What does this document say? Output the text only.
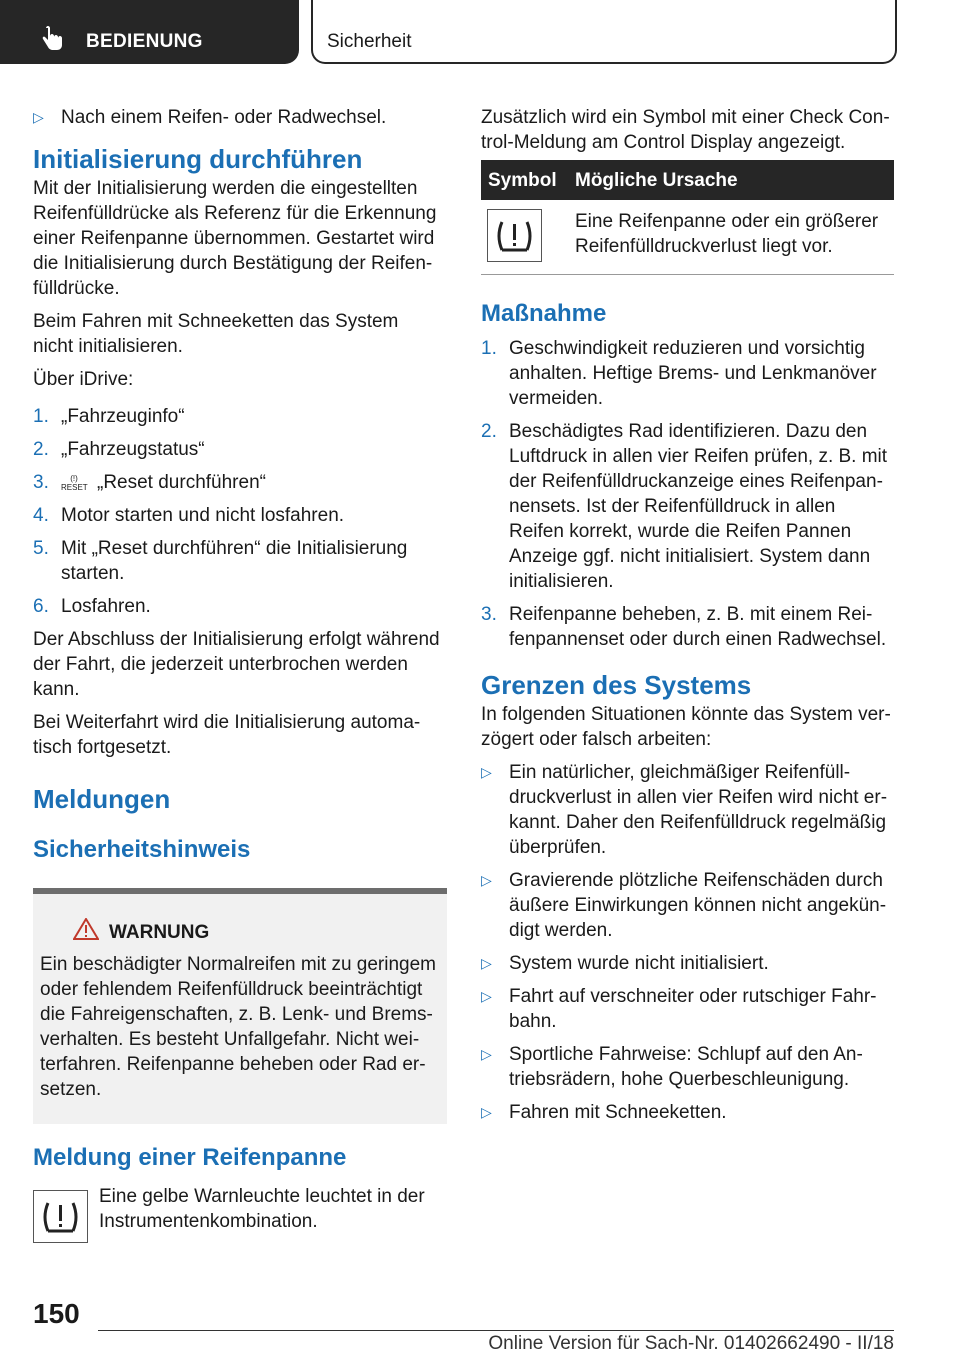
BEDIENUNG	Sicherheit
▷ Nach einem Reifen- oder Radwechsel.
Initialisierung durchführen

Mit der Initialisierung werden die eingestellten Reifenfülldrücke als Referenz für die Erkennung einer Reifenpanne übernommen. Gestartet wird die Initialisierung durch Bestätigung der Reifenfülldrücke.

Beim Fahren mit Schneeketten das System nicht initialisieren.

Über iDrive:

1. „Fahrzeuginfo“
2. „Fahrzeugstatus“
3.	(!)
RESET „Reset durchführen“
4. Motor starten und nicht losfahren.
5. Mit „Reset durchführen“ die Initialisierung starten.
6. Losfahren.

Der Abschluss der Initialisierung erfolgt während der Fahrt, die jederzeit unterbrochen werden kann.

Bei Weiterfahrt wird die Initialisierung automatisch fortgesetzt.

Meldungen
Sicherheitshinweis
WARNUNG
Ein beschädigter Normalreifen mit zu geringem oder fehlendem Reifenfülldruck beeinträchtigt die Fahreigenschaften, z. B. Lenk- und Bremsverhalten. Es besteht Unfallgefahr. Nicht weiterfahren. Reifenpanne beheben oder Rad ersetzen.
Meldung einer Reifenpanne
Eine gelbe Warnleuchte leuchtet in der Instrumentenkombination.
Zusätzlich wird ein Symbol mit einer Check Control-Meldung am Control Display angezeigt.
Symbol Mögliche Ursache
Eine Reifenpanne oder ein größerer Reifenfülldruckverlust liegt vor.
Maßnahme
1. Geschwindigkeit reduzieren und vorsichtig anhalten. Heftige Brems- und Lenkmanöver vermeiden.
2. Beschädigtes Rad identifizieren. Dazu den Luftdruck in allen vier Reifen prüfen, z. B. mit der Reifenfülldruckanzeige eines Reifenpannensets. Ist der Reifenfülldruck in allen Reifen korrekt, wurde die Reifen Pannen Anzeige ggf. nicht initialisiert. System dann initialisieren.
3. Reifenpanne beheben, z. B. mit einem Reifenpannenset oder durch einen Radwechsel.
Grenzen des Systems

In folgenden Situationen könnte das System verzögert oder falsch arbeiten:

▷ Ein natürlicher, gleichmäßiger Reifenfülldruckverlust in allen vier Reifen wird nicht erkannt. Daher den Reifenfülldruck regelmäßig überprüfen.
▷ Gravierende plötzliche Reifenschäden durch äußere Einwirkungen können nicht angekündigt werden.
▷ System wurde nicht initialisiert.
▷ Fahrt auf verschneiter oder rutschiger Fahrbahn.
▷ Sportliche Fahrweise: Schlupf auf den Antriebsrädern, hohe Querbeschleunigung.
▷ Fahren mit Schneeketten.
150
Online Version für Sach-Nr. 01402662490 - II/18
